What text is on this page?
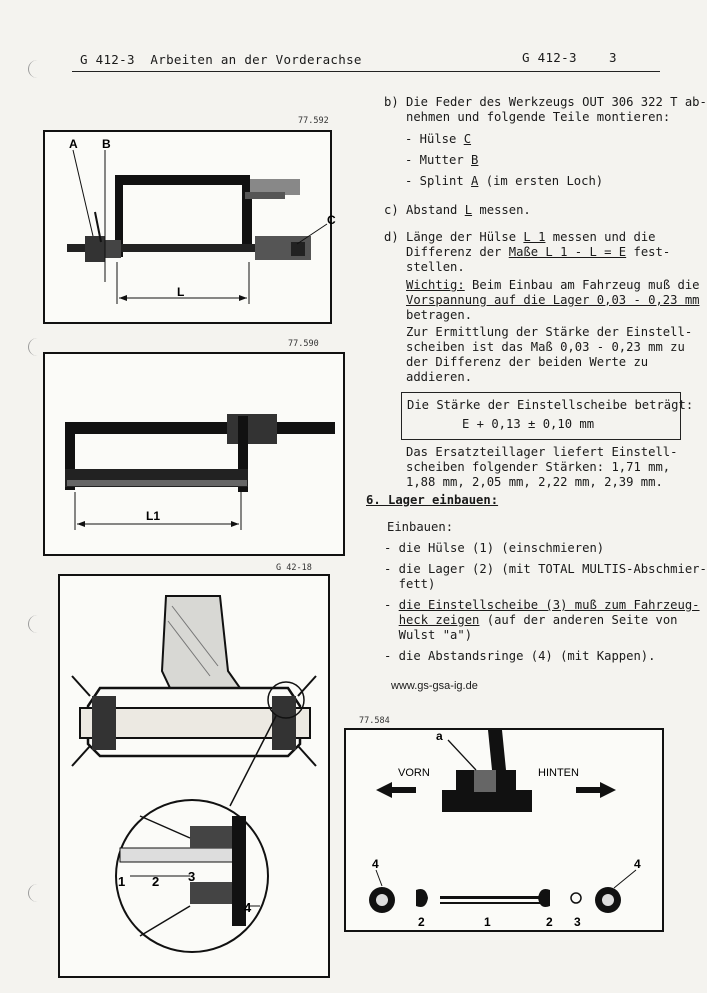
G 412-3  Arbeiten an der Vorderachse	G 412-3	3
77.592
A B
C
L
77.590
L1
G 42-18
1 2 3
4
b) Die Feder des Werkzeugs OUT 306 322 T ab-
nehmen und folgende Teile montieren:
- Hülse C
- Mutter B
- Splint A (im ersten Loch)
c) Abstand L messen.
d) Länge der Hülse L 1 messen und die
Differenz der Maße L 1 - L = E fest-
stellen.
Wichtig: Beim Einbau am Fahrzeug muß die
Vorspannung auf die Lager 0,03 - 0,23 mm
betragen.
Zur Ermittlung der Stärke der Einstell-
scheiben ist das Maß 0,03 - 0,23 mm zu
der Differenz der beiden Werte zu
addieren.
Die Stärke der Einstellscheibe beträgt:
E + 0,13 ± 0,10 mm
Das Ersatzteillager liefert Einstell-
scheiben folgender Stärken: 1,71 mm,
1,88 mm, 2,05 mm, 2,22 mm, 2,39 mm.
6. Lager einbauen:
Einbauen:
- die Hülse (1) (einschmieren)
- die Lager (2) (mit TOTAL MULTIS-Abschmier-
fett)
- die Einstellscheibe (3) muß zum Fahrzeug-
heck zeigen (auf der anderen Seite von
Wulst "a")
- die Abstandsringe (4) (mit Kappen).
www.gs-gsa-ig.de
77.584
a
VORN	HINTEN
4	4
2	1	2 3
